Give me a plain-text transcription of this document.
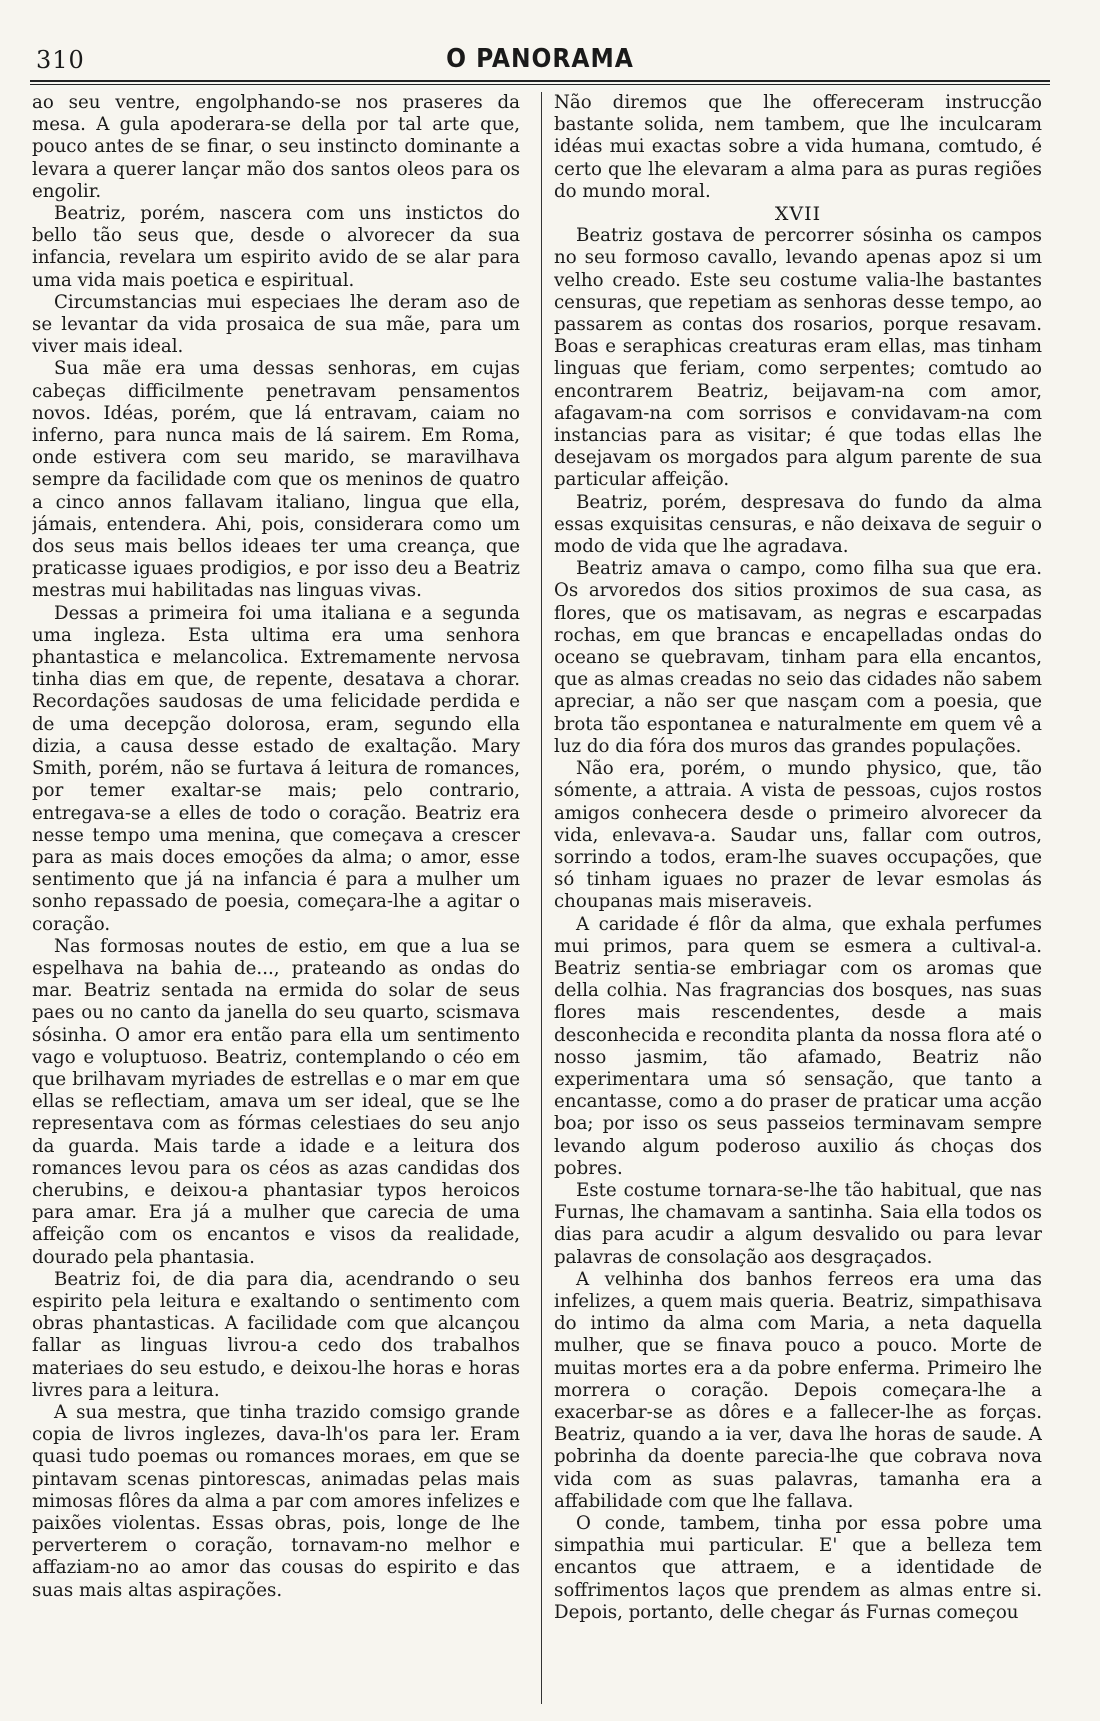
310	O PANORAMA

ao seu ventre, engolphando-se nos praseres da mesa. A gula apoderara-se della por tal arte que, pouco antes de se finar, o seu instincto dominante a levara a querer lançar mão dos santos oleos para os engolir.

Beatriz, porém, nascera com uns instictos do bello tão seus que, desde o alvorecer da sua infancia, revelara um espirito avido de se alar para uma vida mais poetica e espiritual.

Circumstancias mui especiaes lhe deram aso de se levantar da vida prosaica de sua mãe, para um viver mais ideal.

Sua mãe era uma dessas senhoras, em cujas cabeças difficilmente penetravam pensamentos novos. Idéas, porém, que lá entravam, caiam no inferno, para nunca mais de lá sairem. Em Roma, onde estivera com seu marido, se maravilhava sempre da facilidade com que os meninos de quatro a cinco annos fallavam italiano, lingua que ella, jámais, entendera. Ahi, pois, considerara como um dos seus mais bellos ideaes ter uma creança, que praticasse iguaes prodigios, e por isso deu a Beatriz mestras mui habilitadas nas linguas vivas.

Dessas a primeira foi uma italiana e a segunda uma ingleza. Esta ultima era uma senhora phantastica e melancolica. Extremamente nervosa tinha dias em que, de repente, desatava a chorar. Recordações saudosas de uma felicidade perdida e de uma decepção dolorosa, eram, segundo ella dizia, a causa desse estado de exaltação. Mary Smith, porém, não se furtava á leitura de romances, por temer exaltar-se mais; pelo contrario, entregava-se a elles de todo o coração. Beatriz era nesse tempo uma menina, que começava a crescer para as mais doces emoções da alma; o amor, esse sentimento que já na infancia é para a mulher um sonho repassado de poesia, começara-lhe a agitar o coração.

Nas formosas noutes de estio, em que a lua se espelhava na bahia de..., prateando as ondas do mar. Beatriz sentada na ermida do solar de seus paes ou no canto da janella do seu quarto, scismava sósinha. O amor era então para ella um sentimento vago e voluptuoso. Beatriz, contemplando o céo em que brilhavam myriades de estrellas e o mar em que ellas se reflectiam, amava um ser ideal, que se lhe representava com as fórmas celestiaes do seu anjo da guarda. Mais tarde a idade e a leitura dos romances levou para os céos as azas candidas dos cherubins, e deixou-a phantasiar typos heroicos para amar. Era já a mulher que carecia de uma affeição com os encantos e visos da realidade, dourado pela phantasia.

Beatriz foi, de dia para dia, acendrando o seu espirito pela leitura e exaltando o sentimento com obras phantasticas. A facilidade com que alcançou fallar as linguas livrou-a cedo dos trabalhos materiaes do seu estudo, e deixou-lhe horas e horas livres para a leitura.

A sua mestra, que tinha trazido comsigo grande copia de livros inglezes, dava-lh'os para ler. Eram quasi tudo poemas ou romances moraes, em que se pintavam scenas pintorescas, animadas pelas mais mimosas flôres da alma a par com amores infelizes e paixões violentas. Essas obras, pois, longe de lhe perverterem o coração, tornavam-no melhor e affaziam-no ao amor das cousas do espirito e das suas mais altas aspirações.

Não diremos que lhe offereceram instrucção bastante solida, nem tambem, que lhe inculcaram idéas mui exactas sobre a vida humana, comtudo, é certo que lhe elevaram a alma para as puras regiões do mundo moral.

XVII

Beatriz gostava de percorrer sósinha os campos no seu formoso cavallo, levando apenas apoz si um velho creado. Este seu costume valia-lhe bastantes censuras, que repetiam as senhoras desse tempo, ao passarem as contas dos rosarios, porque resavam. Boas e seraphicas creaturas eram ellas, mas tinham linguas que feriam, como serpentes; comtudo ao encontrarem Beatriz, beijavam-na com amor, afagavam-na com sorrisos e convidavam-na com instancias para as visitar; é que todas ellas lhe desejavam os morgados para algum parente de sua particular affeição.

Beatriz, porém, despresava do fundo da alma essas exquisitas censuras, e não deixava de seguir o modo de vida que lhe agradava.

Beatriz amava o campo, como filha sua que era. Os arvoredos dos sitios proximos de sua casa, as flores, que os matisavam, as negras e escarpadas rochas, em que brancas e encapelladas ondas do oceano se quebravam, tinham para ella encantos, que as almas creadas no seio das cidades não sabem apreciar, a não ser que nasçam com a poesia, que brota tão espontanea e naturalmente em quem vê a luz do dia fóra dos muros das grandes populações.

Não era, porém, o mundo physico, que, tão sómente, a attraia. A vista de pessoas, cujos rostos amigos conhecera desde o primeiro alvorecer da vida, enlevava-a. Saudar uns, fallar com outros, sorrindo a todos, eram-lhe suaves occupações, que só tinham iguaes no prazer de levar esmolas ás choupanas mais miseraveis.

A caridade é flôr da alma, que exhala perfumes mui primos, para quem se esmera a cultival-a. Beatriz sentia-se embriagar com os aromas que della colhia. Nas fragrancias dos bosques, nas suas flores mais rescendentes, desde a mais desconhecida e recondita planta da nossa flora até o nosso jasmim, tão afamado, Beatriz não experimentara uma só sensação, que tanto a encantasse, como a do praser de praticar uma acção boa; por isso os seus passeios terminavam sempre levando algum poderoso auxilio ás choças dos pobres.

Este costume tornara-se-lhe tão habitual, que nas Furnas, lhe chamavam a santinha. Saia ella todos os dias para acudir a algum desvalido ou para levar palavras de consolação aos desgraçados.

A velhinha dos banhos ferreos era uma das infelizes, a quem mais queria. Beatriz, simpathisava do intimo da alma com Maria, a neta daquella mulher, que se finava pouco a pouco. Morte de muitas mortes era a da pobre enferma. Primeiro lhe morrera o coração. Depois começara-lhe a exacerbar-se as dôres e a fallecer-lhe as forças. Beatriz, quando a ia ver, dava lhe horas de saude. A pobrinha da doente parecia-lhe que cobrava nova vida com as suas palavras, tamanha era a affabilidade com que lhe fallava.

O conde, tambem, tinha por essa pobre uma simpathia mui particular. E' que a belleza tem encantos que attraem, e a identidade de soffrimentos laços que prendem as almas entre si. Depois, portanto, delle chegar ás Furnas começou
